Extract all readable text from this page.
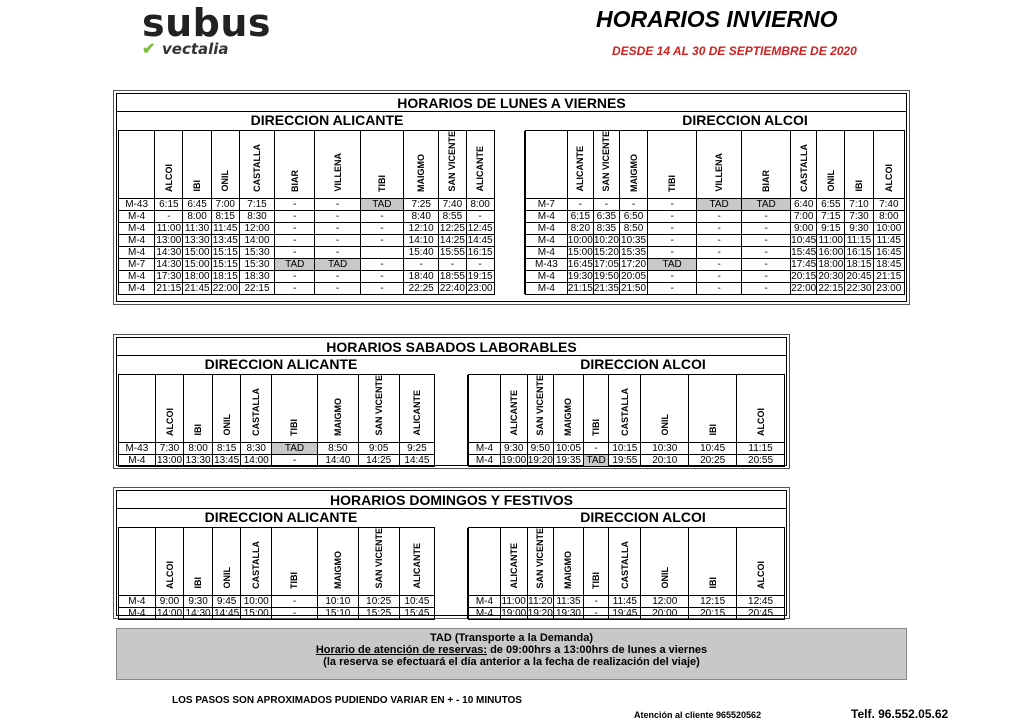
subus
✔ vectalia
HORARIOS INVIERNO
DESDE 14 AL 30 DE SEPTIEMBRE DE 2020
HORARIOS DE LUNES A VIERNES
DIRECCION ALICANTE	DIRECCION ALCOI
	ALCOI	IBI	ONIL	CASTALLA	BIAR	VILLENA	TIBI	MAIGMO	SAN VICENTE	ALICANTE	
M-43	6:15	6:45	7:00	7:15	-	-	TAD	7:25	7:40	8:00	
M-4	-	8:00	8:15	8:30	-	-	-	8:40	8:55	-	
M-4	11:00	11:30	11:45	12:00	-	-	-	12:10	12:25	12:45	
M-4	13:00	13:30	13:45	14:00	-	-	-	14:10	14:25	14:45	
M-4	14:30	15:00	15:15	15:30	-	-		15:40	15:55	16:15	
M-7	14:30	15:00	15:15	15:30	TAD	TAD	-	-	-	-	
M-4	17:30	18:00	18:15	18:30	-	-	-	18:40	18:55	19:15	
M-4	21:15	21:45	22:00	22:15	-	-	-	22:25	22:40	23:00	
	ALICANTE	SAN VICENTE	MAIGMO	TIBI	VILLENA	BIAR	CASTALLA	ONIL	IBI	ALCOI
M-7	-	-	-	-	TAD	TAD	6:40	6:55	7:10	7:40
M-4	6:15	6:35	6:50	-	-	-	7:00	7:15	7:30	8:00
M-4	8:20	8:35	8:50	-	-	-	9:00	9:15	9:30	10:00
M-4	10:00	10:20	10:35	-	-	-	10:45	11:00	11:15	11:45
M-4	15:00	15:20	15:35	-	-	-	15:45	16:00	16:15	16:45
M-43	16:45	17:05	17:20	TAD	-	-	17:45	18:00	18:15	18:45
M-4	19:30	19:50	20:05	-	-	-	20:15	20:30	20:45	21:15
M-4	21:15	21:35	21:50	-	-	-	22:00	22:15	22:30	23:00
HORARIOS SABADOS LABORABLES
DIRECCION ALICANTE	DIRECCION ALCOI
	ALCOI	IBI	ONIL	CASTALLA	TIBI	MAIGMO	SAN VICENTE	ALICANTE	
M-43	7:30	8:00	8:15	8:30	TAD	8:50	9:05	9:25	
M-4	13:00	13:30	13:45	14:00	-	14:40	14:25	14:45	
	ALICANTE	SAN VICENTE	MAIGMO	TIBI	CASTALLA	ONIL	IBI	ALCOI
M-4	9:30	9:50	10:05	-	10:15	10:30	10:45	11:15
M-4	19:00	19:20	19:35	TAD	19:55	20:10	20:25	20:55
HORARIOS DOMINGOS Y FESTIVOS
DIRECCION ALICANTE	DIRECCION ALCOI
	ALCOI	IBI	ONIL	CASTALLA	TIBI	MAIGMO	SAN VICENTE	ALICANTE	
M-4	9:00	9:30	9:45	10:00	-	10:10	10:25	10:45	
M-4	14:00	14:30	14:45	15:00	-	15:10	15:25	15:45	
	ALICANTE	SAN VICENTE	MAIGMO	TIBI	CASTALLA	ONIL	IBI	ALCOI
M-4	11:00	11:20	11:35	-	11:45	12:00	12:15	12:45
M-4	19:00	19:20	19:30	-	19:45	20:00	20:15	20:45
TAD (Transporte a la Demanda)
Horario de atención de reservas: de 09:00hrs a 13:00hrs de lunes a viernes
(la reserva se efectuará el día anterior a la fecha de realización del viaje)
LOS PASOS SON APROXIMADOS PUDIENDO VARIAR EN + - 10 MINUTOS
Atención al cliente 965520562	Telf. 96.552.05.62
